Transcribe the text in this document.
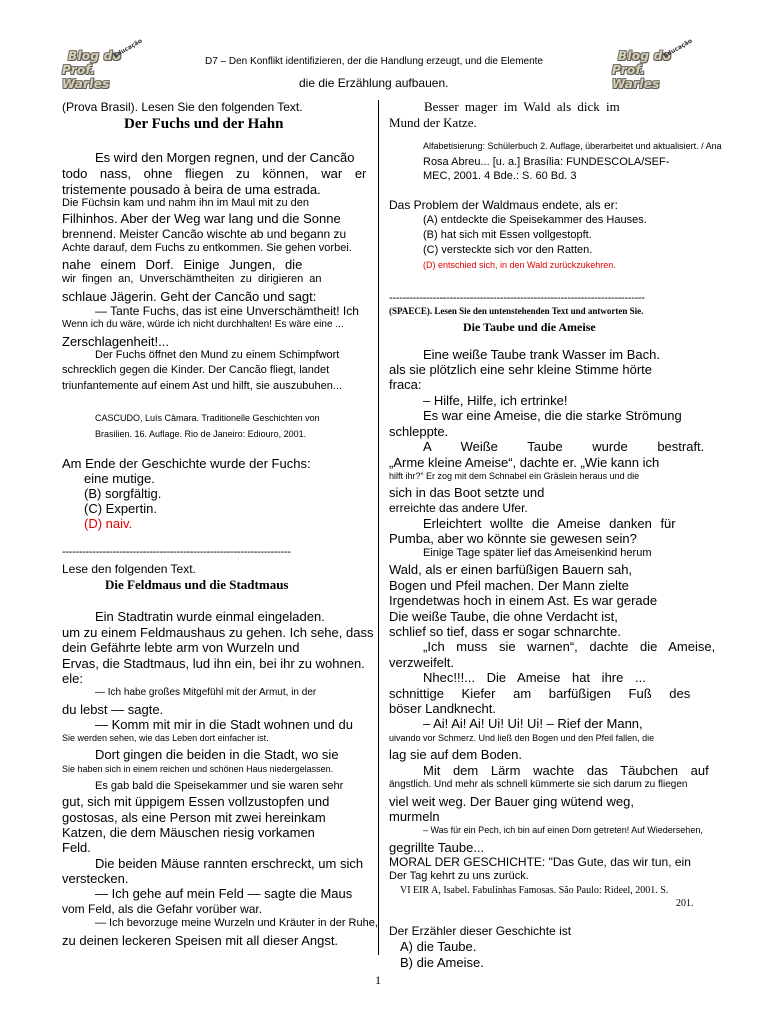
Blog do
Prof. Warles
Educação	Blog do
Prof. Warles
Educação
D7 – Den Konflikt identifizieren, der die Handlung erzeugt, und die Elemente
die die Erzählung aufbauen.
(Prova Brasil). Lesen Sie den folgenden Text.
Der Fuchs und der Hahn
Es wird den Morgen regnen, und der Cancão
todo nass, ohne fliegen zu können, war er
tristemente pousado à beira de uma estrada.
Die Füchsin kam und nahm ihn im Maul mit zu den
Filhinhos. Aber der Weg war lang und die Sonne
brennend. Meister Cancão wischte ab und begann zu
Achte darauf, dem Fuchs zu entkommen. Sie gehen vorbei.
nahe einem Dorf. Einige Jungen, die
wir fingen an, Unverschämtheiten zu dirigieren an
schlaue Jägerin. Geht der Cancão und sagt:
— Tante Fuchs, das ist eine Unverschämtheit! Ich
Wenn ich du wäre, würde ich nicht durchhalten! Es wäre eine ...
Zerschlagenheit!...
Der Fuchs öffnet den Mund zu einem Schimpfwort
schrecklich gegen die Kinder. Der Cancão fliegt, landet
triunfantemente auf einem Ast und hilft, sie auszubuhen...
CASCUDO, Luís Câmara. Traditionelle Geschichten von
Brasilien. 16. Auflage. Rio de Janeiro: Ediouro, 2001.
Am Ende der Geschichte wurde der Fuchs:
eine mutige.
(B) sorgfältig.
(C) Expertin.
(D) naiv.
--------------------------------------------------------------------
Lese den folgenden Text.
Die Feldmaus und die Stadtmaus
Ein Stadtratin wurde einmal eingeladen.
um zu einem Feldmaushaus zu gehen. Ich sehe, dass
dein Gefährte lebte arm von Wurzeln und
Ervas, die Stadtmaus, lud ihn ein, bei ihr zu wohnen.
ele:
— Ich habe großes Mitgefühl mit der Armut, in der
du lebst — sagte.
— Komm mit mir in die Stadt wohnen und du
Sie werden sehen, wie das Leben dort einfacher ist.
Dort gingen die beiden in die Stadt, wo sie
Sie haben sich in einem reichen und schönen Haus niedergelassen.
Es gab bald die Speisekammer und sie waren sehr
gut, sich mit üppigem Essen vollzustopfen und
gostosas, als eine Person mit zwei hereinkam
Katzen, die dem Mäuschen riesig vorkamen
Feld.
Die beiden Mäuse rannten erschreckt, um sich
verstecken.
— Ich gehe auf mein Feld — sagte die Maus
vom Feld, als die Gefahr vorüber war.
— Ich bevorzuge meine Wurzeln und Kräuter in der Ruhe,
zu deinen leckeren Speisen mit all dieser Angst.
Besser mager im Wald als dick im
Mund der Katze.
Alfabetisierung: Schülerbuch 2. Auflage, überarbeitet und aktualisiert. / Ana
Rosa Abreu... [u. a.] Brasília: FUNDESCOLA/SEF-
MEC, 2001. 4 Bde.: S. 60 Bd. 3
Das Problem der Waldmaus endete, als er:
(A) entdeckte die Speisekammer des Hauses.
(B) hat sich mit Essen vollgestopft.
(C) versteckte sich vor den Ratten.
(D) entschied sich, in den Wald zurückzukehren.
----------------------------------------------------------------------------
(SPAECE). Lesen Sie den untenstehenden Text und antworten Sie.
Die Taube und die Ameise
Eine weiße Taube trank Wasser im Bach.
als sie plötzlich eine sehr kleine Stimme hörte
fraca:
– Hilfe, Hilfe, ich ertrinke!
Es war eine Ameise, die die starke Strömung
schleppte.
A Weiße Taube wurde bestraft.
„Arme kleine Ameise“, dachte er. „Wie kann ich
hilft ihr?“ Er zog mit dem Schnabel ein Gräslein heraus und die
sich in das Boot setzte und
erreichte das andere Ufer.
Erleichtert wollte die Ameise danken für
Pumba, aber wo könnte sie gewesen sein?
Einige Tage später lief das Ameisenkind herum
Wald, als er einen barfüßigen Bauern sah,
Bogen und Pfeil machen. Der Mann zielte
Irgendetwas hoch in einem Ast. Es war gerade
Die weiße Taube, die ohne Verdacht ist,
schlief so tief, dass er sogar schnarchte.
„Ich muss sie warnen“, dachte die Ameise,
verzweifelt.
Nhec!!!... Die Ameise hat ihre ...
schnittige Kiefer am barfüßigen Fuß des
böser Landknecht.
– Ai! Ai! Ai! Ui! Ui! Ui! – Rief der Mann,
uivando vor Schmerz. Und ließ den Bogen und den Pfeil fallen, die
lag sie auf dem Boden.
Mit dem Lärm wachte das Täubchen auf
ängstlich. Und mehr als schnell kümmerte sie sich darum zu fliegen
viel weit weg. Der Bauer ging wütend weg,
murmeln
– Was für ein Pech, ich bin auf einen Dorn getreten! Auf Wiedersehen,
gegrillte Taube...
MORAL DER GESCHICHTE: "Das Gute, das wir tun, ein
Der Tag kehrt zu uns zurück.
VI EIR A, Isabel. Fabulinhas Famosas. São Paulo: Rideel, 2001. S.
201.
Der Erzähler dieser Geschichte ist
A) die Taube.
B) die Ameise.
1
